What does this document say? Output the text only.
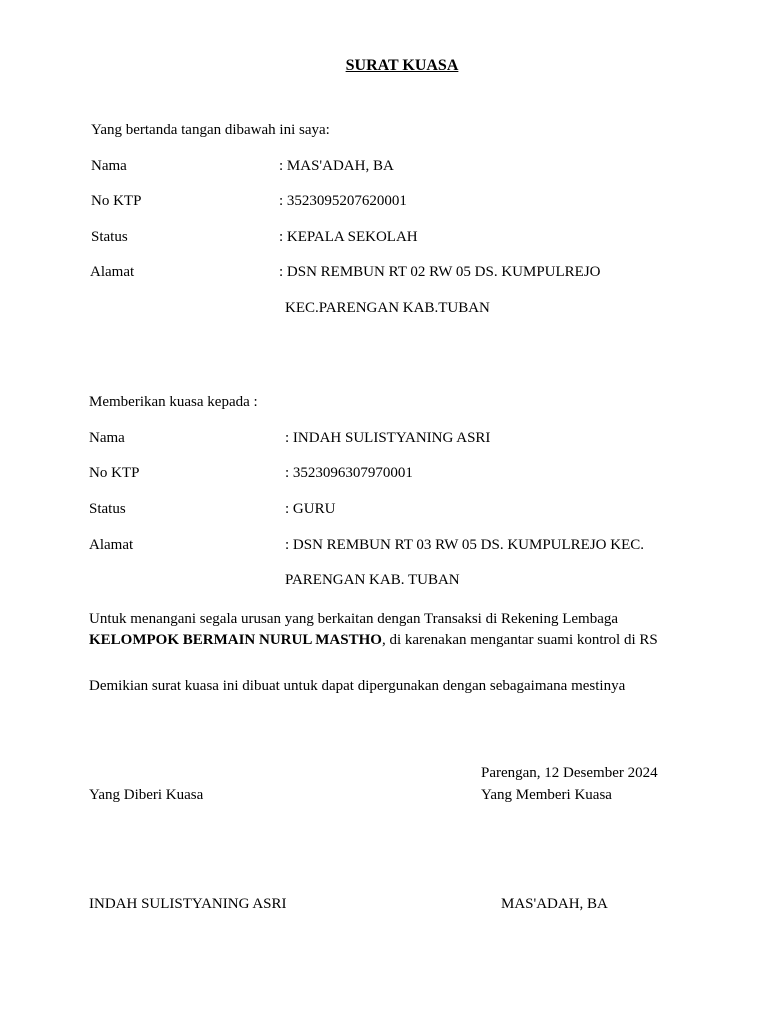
SURAT KUASA
Yang bertanda tangan dibawah ini saya:
Nama	: MAS'ADAH, BA
No KTP	: 3523095207620001
Status	: KEPALA SEKOLAH
Alamat	: DSN REMBUN RT 02 RW 05 DS. KUMPULREJO
KEC.PARENGAN KAB.TUBAN
Memberikan kuasa kepada :
Nama	: INDAH SULISTYANING ASRI
No KTP	: 3523096307970001
Status	: GURU
Alamat	: DSN REMBUN RT 03 RW 05 DS. KUMPULREJO KEC.
PARENGAN KAB. TUBAN
Untuk menangani segala urusan yang berkaitan dengan Transaksi di Rekening Lembaga
KELOMPOK BERMAIN NURUL MASTHO, di karenakan mengantar suami kontrol di RS
Demikian surat kuasa ini dibuat untuk dapat dipergunakan dengan sebagaimana mestinya
Parengan, 12 Desember 2024
Yang Diberi Kuasa	Yang Memberi Kuasa
INDAH SULISTYANING ASRI	MAS'ADAH, BA
